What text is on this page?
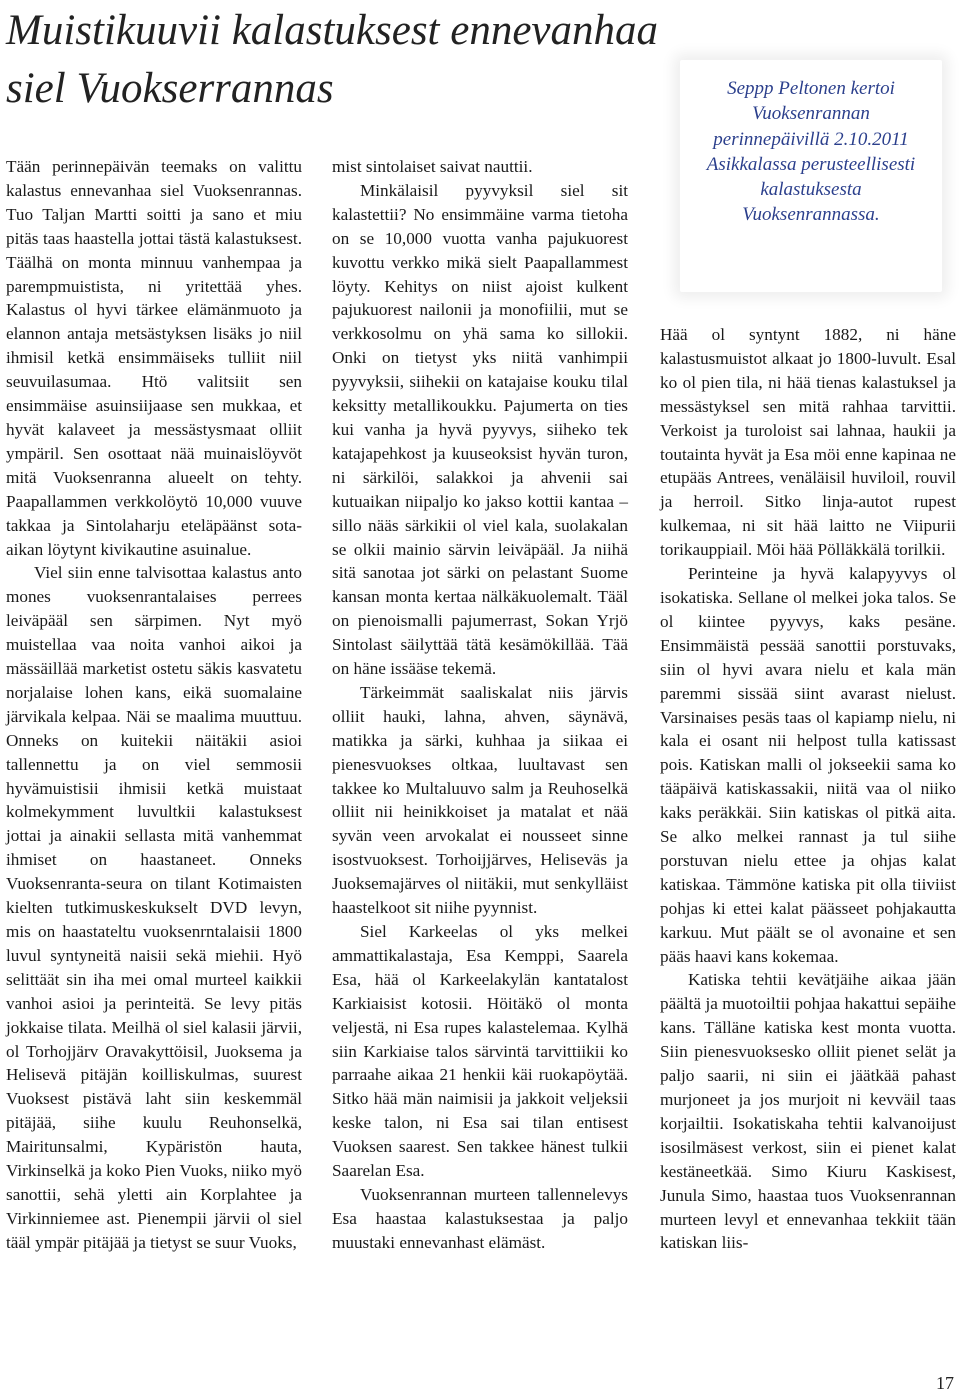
Muistikuuvii kalastuksest ennevanhaa siel Vuokserrannas	Seppp Peltonen kertoi Vuoksenrannan perinnepäivillä 2.10.2011 Asikkalassa perusteellisesti kalastuksesta Vuoksenrannassa.

Tään perinnepäivän teemaks on valittu kalastus ennevanhaa siel Vuoksenrannas. Tuo Taljan Martti soitti ja sano et miu pitäs taas haastella jottai tästä kalastuksest. Täälhä on monta minnuu vanhempaa ja parempmuistista, ni yritettää yhes. Kalastus ol hyvi tärkee elämänmuoto ja elannon antaja metsästyksen lisäks jo niil ihmisil ketkä ensimmäiseks tulliit niil seuvuilasumaa. Htö valitsiit sen ensimmäise asuinsiijaase sen mukkaa, et hyvät kalaveet ja messästysmaat olliit ympäril. Sen osottaat nää muinaislöyvöt mitä Vuoksenranna alueelt on tehty. Paapallammen verkkolöytö 10,000 vuuve takkaa ja Sintolaharju eteläpäänst sota-aikan löytynt kivikautine asuinalue.

Viel siin enne talvisottaa kalastus anto mones vuoksenrantalaises perrees leiväpääl sen särpimen. Nyt myö muistellaa vaa noita vanhoi aikoi ja mässäillää marketist ostetu säkis kasvatetu norjalaise lohen kans, eikä suomalaine järvikala kelpaa. Näi se maalima muuttuu. Onneks on kuitekii näitäkii asioi tallennettu ja on viel semmosii hyvämuistisii ihmisii ketkä muistaat kolmekymment luvultkii kalastuksest jottai ja ainakii sellasta mitä vanhemmat ihmiset on haastaneet. Onneks Vuoksenranta-seura on tilant Kotimaisten kielten tutkimuskeskukselt DVD levyn, mis on haastateltu vuoksenrntalaisii 1800 luvul syntyneitä naisii sekä miehii. Hyö selittäät sin iha mei omal murteel kaikkii vanhoi asioi ja perinteitä. Se levy pitäs jokkaise tilata. Meilhä ol siel kalasii järvii, ol Torhojjärv Oravakyttöisil, Juoksema ja Helisevä pitäjän koilliskulmas, suurest Vuoksest pistävä laht siin keskemmäl pitäjää, siihe kuulu Reuhonselkä, Mairitunsalmi, Kypäristön hauta, Virkinselkä ja koko Pien Vuoks, niiko myö sanottii, sehä yletti ain Korplahtee ja Virkinniemee ast. Pienempii järvii ol siel tääl ympär pitäjää ja tietyst se suur Vuoks,

mist sintolaiset saivat nauttii.

Minkälaisil pyyvyksil siel sit kalastettii? No ensimmäine varma tietoha on se 10,000 vuotta vanha pajukuorest kuvottu verkko mikä sielt Paapallammest löyty. Kehitys on niist ajoist kulkent pajukuorest nailonii ja monofiilii, mut se verkkosolmu on yhä sama ko sillokii. Onki on tietyst yks niitä vanhimpii pyyvyksii, siihekii on katajaise kouku tilal keksitty metallikoukku. Pajumerta on ties kui vanha ja hyvä pyyvys, siiheko tek katajapehkost ja kuuseoksist hyvän turon, ni särkilöi, salakkoi ja ahvenii sai kutuaikan niipaljo ko jakso kottii kantaa – sillo nääs särkikii ol viel kala, suolakalan se olkii mainio särvin leiväpääl. Ja niihä sitä sanotaa jot särki on pelastant Suome kansan monta kertaa nälkäkuolemalt. Tääl on pienoismalli pajumerrast, Sokan Yrjö Sintolast säilyttää tätä kesämökillää. Tää on häne issääse tekemä.

Tärkeimmät saaliskalat niis järvis olliit hauki, lahna, ahven, säynävä, matikka ja särki, kuhhaa ja siikaa ei pienesvuokses oltkaa, luultavast sen takkee ko Multaluuvo salm ja Reuhoselkä olliit nii heinikkoiset ja matalat et nää syvän veen arvokalat ei nousseet sinne isostvuoksest. Torhoijjärves, Heliseväs ja Juoksemajärves ol niitäkii, mut senkylläist haastelkoot sit niihe pyynnist.

Siel Karkeelas ol yks melkei ammattikalastaja, Esa Kemppi, Saarela Esa, hää ol Karkeelakylän kantatalost Karkiaisist kotosii. Höitäkö ol monta veljestä, ni Esa rupes kalastelemaa. Kylhä siin Karkiaise talos särvintä tarvittiikii ko parraahe aikaa 21 henkii käi ruokapöytää. Sitko hää män naimisii ja jakkoit veljeksii keske talon, ni Esa sai tilan entisest Vuoksen saarest. Sen takkee hänest tulkii Saarelan Esa.

Vuoksenrannan murteen tallennelevys Esa haastaa kalastuksestaa ja paljo muustaki ennevanhast elämäst.

Hää ol syntynt 1882, ni häne kalastusmuistot alkaat jo 1800-luvult. Esal ko ol pien tila, ni hää tienas kalastuksel ja messästyksel sen mitä rahhaa tarvittii. Verkoist ja turoloist sai lahnaa, haukii ja toutainta hyvät ja Esa möi enne kapinaa ne etupääs Antrees, venäläisil huviloil, rouvil ja herroil. Sitko linja-autot rupest kulkemaa, ni sit hää laitto ne Viipurii torikauppiail. Möi hää Pölläkkälä torilkii.

Perinteine ja hyvä kalapyyvys ol isokatiska. Sellane ol melkei joka talos. Se ol kiintee pyyvys, kaks pesäne. Ensimmäistä pessää sanottii porstuvaks, siin ol hyvi avara nielu et kala män paremmi sissää siint avarast nielust. Varsinaises pesäs taas ol kapiamp nielu, ni kala ei osant nii helpost tulla katissast pois. Katiskan malli ol jokseekii sama ko tääpäivä katiskassakii, niitä vaa ol niiko kaks peräkkäi. Siin katiskas ol pitkä aita. Se alko melkei rannast ja tul siihe porstuvan nielu ettee ja ohjas kalat katiskaa. Tämmöne katiska pit olla tiiviist pohjas ki ettei kalat päässeet pohjakautta karkuu. Mut päält se ol avonaine et sen pääs haavi kans kokemaa.

Katiska tehtii kevätjäihe aikaa jään päältä ja muotoiltii pohjaa hakattui sepäihe kans. Tälläne katiska kest monta vuotta. Siin pienesvuoksesko olliit pienet selät ja paljo saarii, ni siin ei jäätkää pahast murjoneet ja jos murjoit ni kevväil taas korjailtii. Isokatiskaha tehtii kalvanoijust isosilmäsest verkost, siin ei pienet kalat kestäneetkää. Simo Kiuru Kaskisest, Junula Simo, haastaa tuos Vuoksenrannan murteen levyl et ennevanhaa tekkiit tään katiskan liis-

17
